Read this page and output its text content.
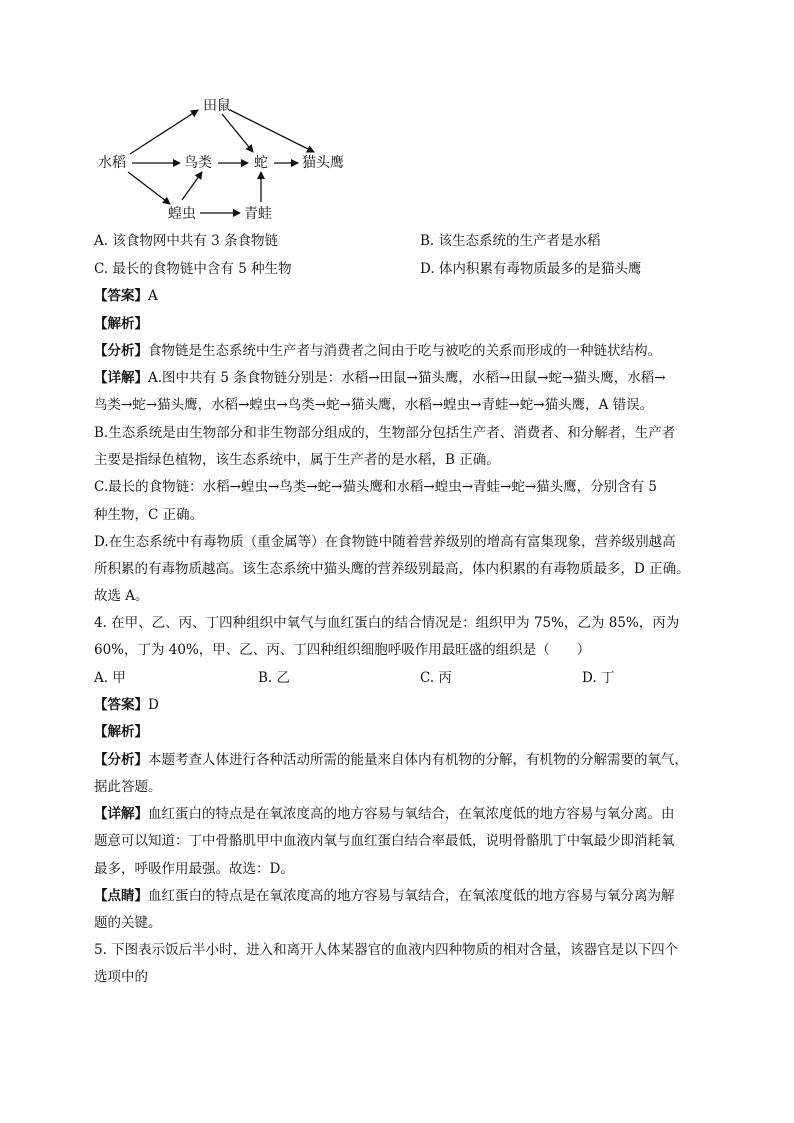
田鼠
水稻	鸟类	蛇 猫头鹰
蝗虫	青蛙
A. 该食物网中共有 3 条食物链	B. 该生态系统的生产者是水稻
C. 最长的食物链中含有 5 种生物	D. 体内积累有毒物质最多的是猫头鹰
【答案】A
【解析】
【分析】食物链是生态系统中生产者与消费者之间由于吃与被吃的关系而形成的一种链状结构。
【详解】A.图中共有 5 条食物链分别是：水稻→田鼠→猫头鹰，水稻→田鼠→蛇→猫头鹰，水稻→
鸟类→蛇→猫头鹰，水稻→蝗虫→鸟类→蛇→猫头鹰，水稻→蝗虫→青蛙→蛇→猫头鹰，A 错误。
B.生态系统是由生物部分和非生物部分组成的，生物部分包括生产者、消费者、和分解者，生产者
主要是指绿色植物，该生态系统中，属于生产者的是水稻，B 正确。
C.最长的食物链：水稻→蝗虫→鸟类→蛇→猫头鹰和水稻→蝗虫→青蛙→蛇→猫头鹰，分别含有 5
种生物，C 正确。
D.在生态系统中有毒物质（重金属等）在食物链中随着营养级别的增高有富集现象，营养级别越高
所积累的有毒物质越高。该生态系统中猫头鹰的营养级别最高，体内积累的有毒物质最多，D 正确。
故选 A。
4. 在甲、乙、丙、丁四种组织中氧气与血红蛋白的结合情况是：组织甲为 75%，乙为 85%，丙为
60%，丁为 40%，甲、乙、丙、丁四种组织细胞呼吸作用最旺盛的组织是（　　）
A. 甲	B. 乙	C. 丙	D. 丁
【答案】D
【解析】
【分析】本题考查人体进行各种活动所需的能量来自体内有机物的分解，有机物的分解需要的氧气，
据此答题。
【详解】血红蛋白的特点是在氧浓度高的地方容易与氧结合，在氧浓度低的地方容易与氧分离。由
题意可以知道：丁中骨骼肌甲中血液内氧与血红蛋白结合率最低，说明骨骼肌丁中氧最少即消耗氧
最多，呼吸作用最强。故选：D。
【点睛】血红蛋白的特点是在氧浓度高的地方容易与氧结合，在氧浓度低的地方容易与氧分离为解
题的关键。
5. 下图表示饭后半小时，进入和离开人体某器官的血液内四种物质的相对含量，该器官是以下四个
选项中的
